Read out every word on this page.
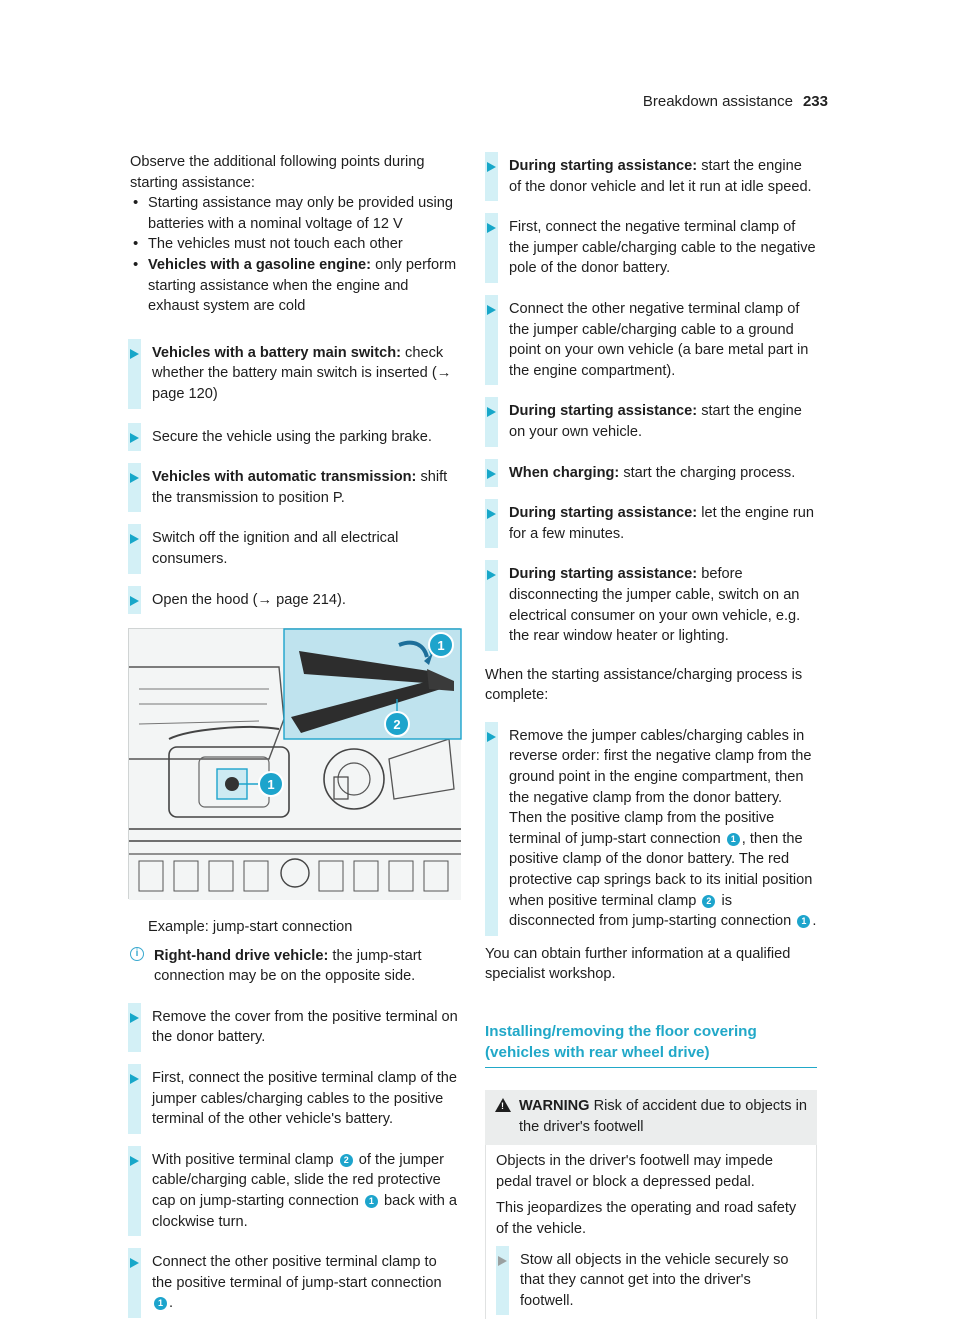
Breakdown assistance 233

Observe the additional following points during starting assistance:

• Starting assistance may only be provided using batteries with a nominal voltage of 12 V
• The vehicles must not touch each other
• Vehicles with a gasoline engine: only perform starting assistance when the engine and exhaust system are cold
Vehicles with a battery main switch: check whether the battery main switch is inserted (→ page 120)
Secure the vehicle using the parking brake.
Vehicles with automatic transmission: shift the transmission to position P.
Switch off the ignition and all electrical consumers.
Open the hood (→ page 214).
1
2
1

Example: jump-start connection

i	Right-hand drive vehicle: the jump-start connection may be on the opposite side.
Remove the cover from the positive terminal on the donor battery.
First, connect the positive terminal clamp of the jumper cables/charging cables to the positive terminal of the other vehicle's battery.
With positive terminal clamp 2 of the jumper cable/charging cable, slide the red protective cap on jump-starting connection 1 back with a clockwise turn.
Connect the other positive terminal clamp to the positive terminal of jump-start connection 1 .
During starting assistance: start the engine of the donor vehicle and let it run at idle speed.
First, connect the negative terminal clamp of the jumper cable/charging cable to the negative pole of the donor battery.
Connect the other negative terminal clamp of the jumper cable/charging cable to a ground point on your own vehicle (a bare metal part in the engine compartment).
During starting assistance: start the engine on your own vehicle.
When charging: start the charging process.
During starting assistance: let the engine run for a few minutes.
During starting assistance: before disconnecting the jumper cable, switch on an electrical consumer on your own vehicle, e.g. the rear window heater or lighting.

When the starting assistance/charging process is complete:

Remove the jumper cables/charging cables in reverse order: first the negative clamp from the ground point in the engine compartment, then the negative clamp from the donor battery. Then the positive clamp from the positive terminal of jump-start connection 1 , then the positive clamp of the donor battery. The red protective cap springs back to its initial position when positive terminal clamp 2 is disconnected from jump-starting connection 1 .

You can obtain further information at a qualified specialist workshop.

Installing/removing the floor covering (vehicles with rear wheel drive)
! WARNING Risk of accident due to objects in the driver's footwell

Objects in the driver's footwell may impede pedal travel or block a depressed pedal.

This jeopardizes the operating and road safety of the vehicle.

Stow all objects in the vehicle securely so that they cannot get into the driver's footwell.
